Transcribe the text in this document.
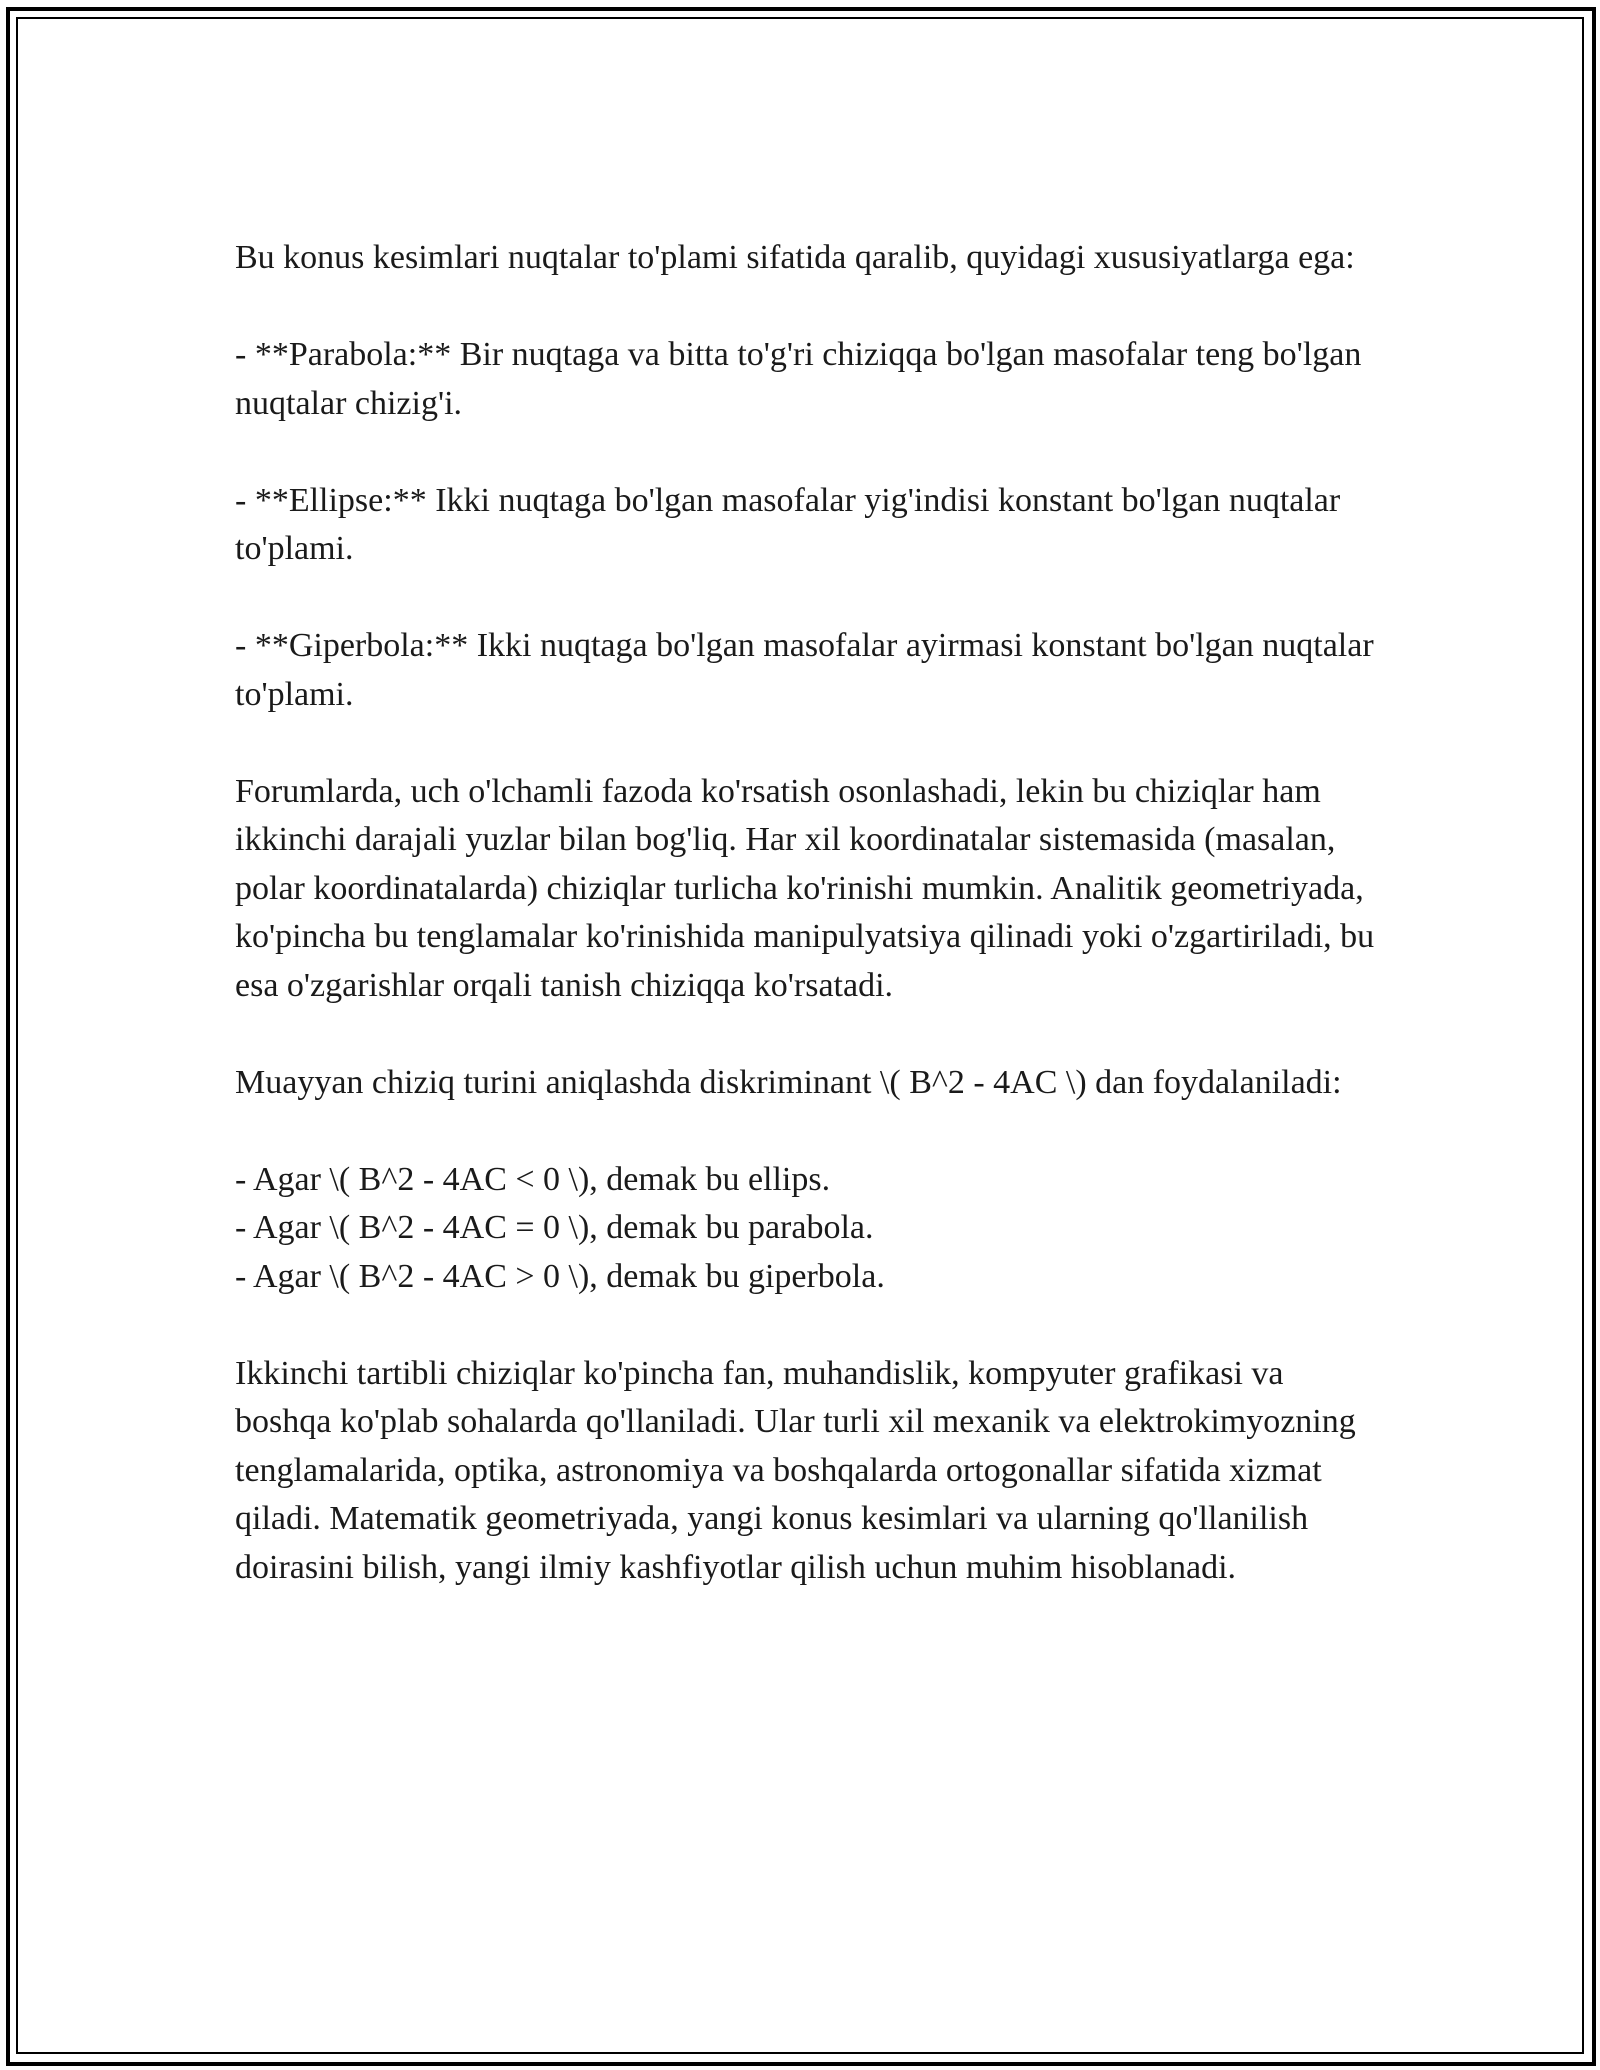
Bu konus kesimlari nuqtalar to'plami sifatida qaralib, quyidagi xususiyatlarga ega:

- **Parabola:** Bir nuqtaga va bitta to'g'ri chiziqqa bo'lgan masofalar teng bo'lgan nuqtalar chizig'i.

- **Ellipse:** Ikki nuqtaga bo'lgan masofalar yig'indisi konstant bo'lgan nuqtalar to'plami.

- **Giperbola:** Ikki nuqtaga bo'lgan masofalar ayirmasi konstant bo'lgan nuqtalar to'plami.

Forumlarda, uch o'lchamli fazoda ko'rsatish osonlashadi, lekin bu chiziqlar ham ikkinchi darajali yuzlar bilan bog'liq. Har xil koordinatalar sistemasida (masalan, polar koordinatalarda) chiziqlar turlicha ko'rinishi mumkin. Analitik geometriyada, ko'pincha bu tenglamalar ko'rinishida manipulyatsiya qilinadi yoki o'zgartiriladi, bu esa o'zgarishlar orqali tanish chiziqqa ko'rsatadi.

Muayyan chiziq turini aniqlashda diskriminant \( B^2 - 4AC \) dan foydalaniladi:

- Agar \( B^2 - 4AC < 0 \), demak bu ellips.
- Agar \( B^2 - 4AC = 0 \), demak bu parabola.
- Agar \( B^2 - 4AC > 0 \), demak bu giperbola.

Ikkinchi tartibli chiziqlar ko'pincha fan, muhandislik, kompyuter grafikasi va boshqa ko'plab sohalarda qo'llaniladi. Ular turli xil mexanik va elektrokimyozning tenglamalarida, optika, astronomiya va boshqalarda ortogonallar sifatida xizmat qiladi. Matematik geometriyada, yangi konus kesimlari va ularning qo'llanilish doirasini bilish, yangi ilmiy kashfiyotlar qilish uchun muhim hisoblanadi.
